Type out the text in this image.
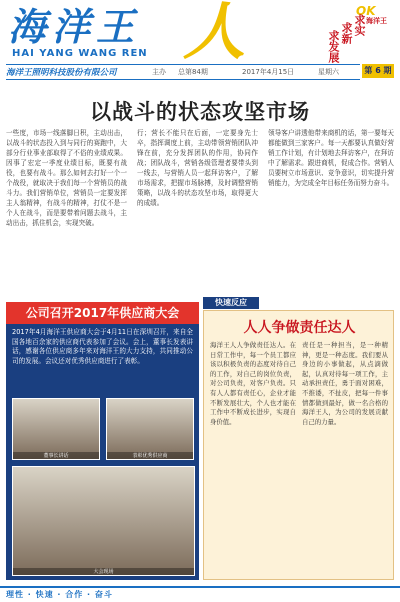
海洋王
HAI YANG WANG REN 人	OK
海洋王
求实
求新
求发展
海洋王照明科技股份有限公司	主办 总第84期	2017年4月15日	星期六	第 6 期
以战斗的状态攻坚市场
一些度，市场一线落脚日积，主动出击，以战斗的状态投入到与同行的赛跑中，大部分行业事业部取得了不俗的业绩成果。因事了宏定一季度业绩目标，既要有战役，也要有战斗。那么如何去打好一个一个战役，就取决于我们每一个营销员的战斗力。我们营销单位，营销员一定要发挥主人翁精神，有战斗的精神，打仗不是一个人在战斗，而是要带着问题去战斗，主动出击，抓住机会，实现突破。
行；营长不能只在后面，一定要身先士卒，指挥调度上前，主动带领营销团队冲锋在前，充分发挥团队的作用，协同作战；团队战斗，营销各级管理者要带头到一线去，与营销人员一起拜访客户，了解市场需求，把握市场脉搏，及时调整营销策略，以战斗的状态攻坚市场，取得更大的成绩。
领导客户讲透他带来商机的话，第一要每天都能做到三家客户。每一天都要认真做好营销工作计划，有计划地去拜访客户，在拜访中了解需求。跟进商机，促成合作。营销人员要树立市场意识、竞争意识，切实提升营销能力，为完成全年目标任务而努力奋斗。
公司召开2017年供应商大会
2017年4月海洋王供应商大会于4月11日在深圳召开，来自全国各地百余家的供应商代表参加了会议。会上，董事长发表讲话，感谢各位供应商多年来对海洋王的大力支持，共同推动公司的发展。会议还对优秀供应商进行了表彰。
董事长讲话	表彰优秀供应商
大会现场
快速反应
人人争做责任达人
海洋王人人争做责任达人。在日常工作中，每一个员工都应该以积极负责的态度对待自己的工作，对自己的岗位负责，对公司负责，对客户负责。只有人人都有责任心，企业才能不断发展壮大，个人也才能在工作中不断成长进步，实现自身价值。
责任是一种担当，是一种精神，更是一种态度。我们要从身边的小事做起，从点滴做起，认真对待每一项工作，主动承担责任，勇于面对困难，不推诿，不扯皮，把每一件事情都做到最好，做一名合格的海洋王人，为公司的发展贡献自己的力量。
理性 · 快速 · 合作 · 奋斗
